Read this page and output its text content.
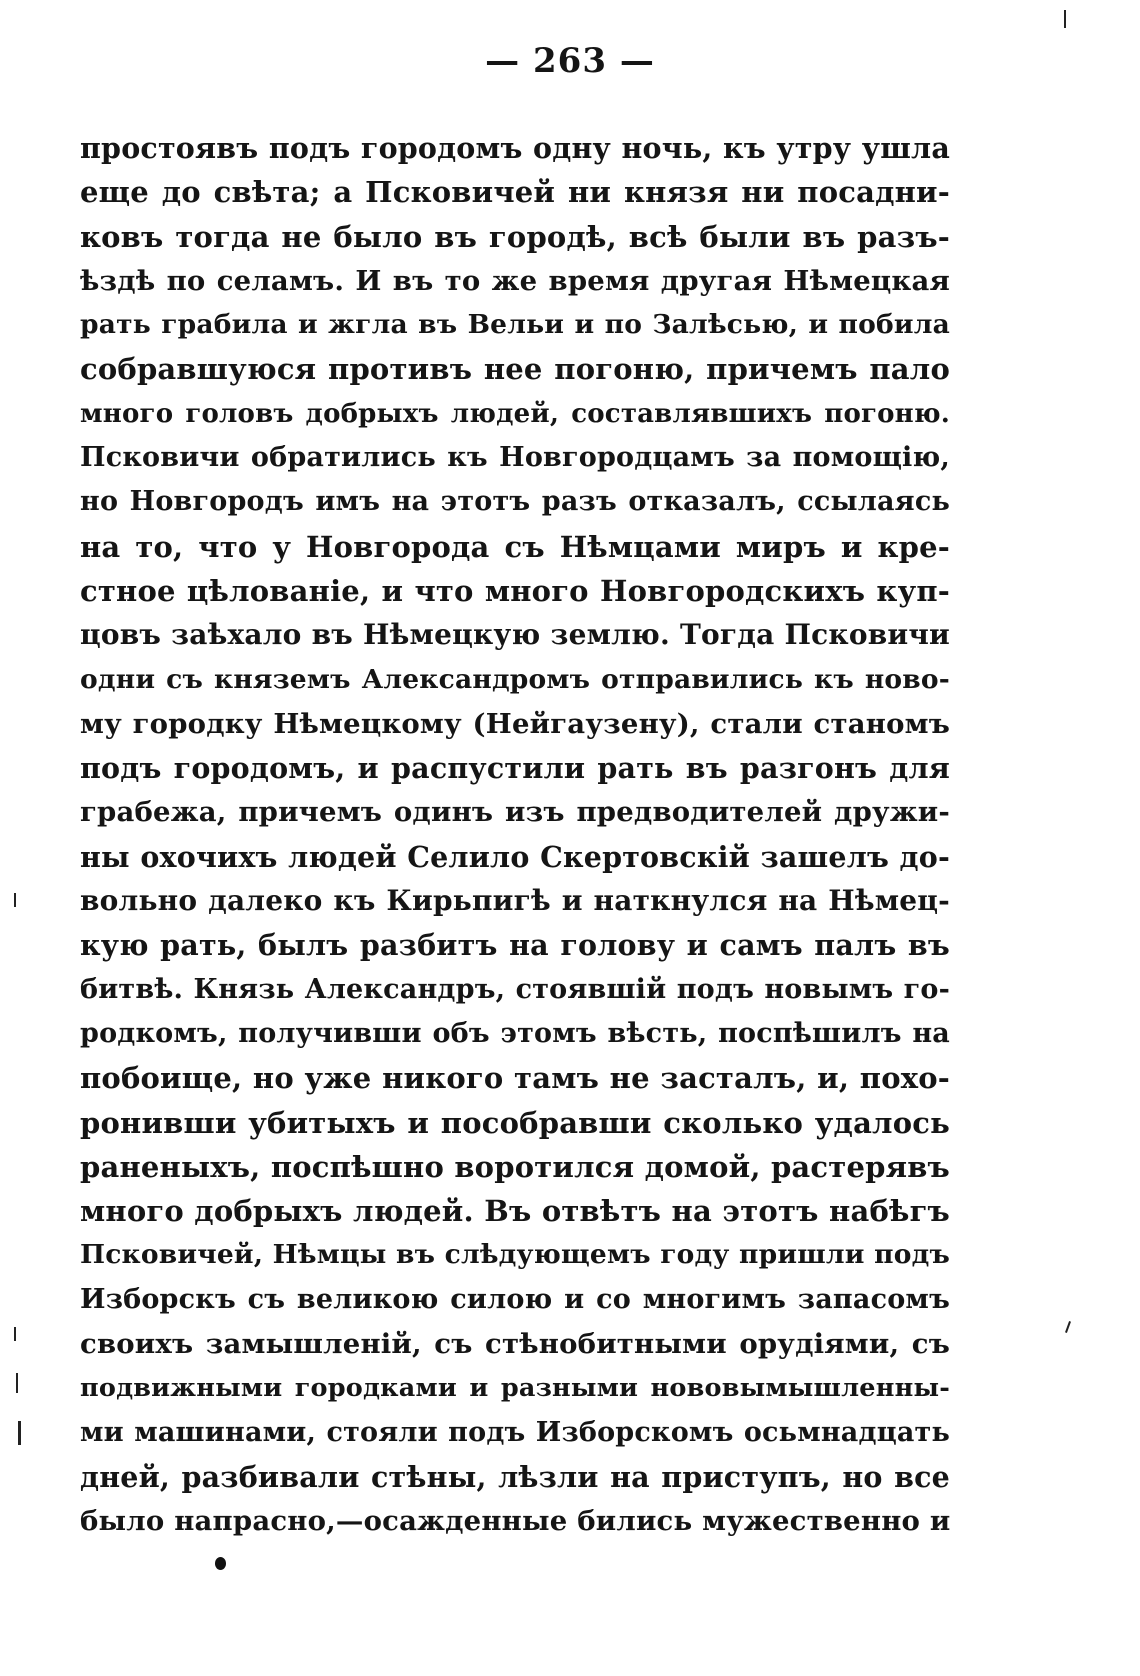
— 263 —
простоявъ подъ городомъ одну ночь, къ утру ушла
еще до свѣта; а Псковичей ни князя ни посадни-
ковъ тогда не было въ городѣ, всѣ были въ разъ-
ѣздѣ по селамъ. И въ то же время другая Нѣмецкая
рать грабила и жгла въ Вельи и по Залѣсью, и побила
собравшуюся противъ нее погоню, причемъ пало
много головъ добрыхъ людей, составлявшихъ погоню.
Псковичи обратились къ Новгородцамъ за помощію,
но Новгородъ имъ на этотъ разъ отказалъ, ссылаясь
на то, что у Новгорода съ Нѣмцами миръ и кре-
стное цѣлованіе, и что много Новгородскихъ куп-
цовъ заѣхало въ Нѣмецкую землю. Тогда Псковичи
одни съ княземъ Александромъ отправились къ ново-
му городку Нѣмецкому (Нейгаузену), стали станомъ
подъ городомъ, и распустили рать въ разгонъ для
грабежа, причемъ одинъ изъ предводителей дружи-
ны охочихъ людей Селило Скертовскій зашелъ до-
вольно далеко къ Кирьпигѣ и наткнулся на Нѣмец-
кую рать, былъ разбитъ на голову и самъ палъ въ
битвѣ. Князь Александръ, стоявшій подъ новымъ го-
родкомъ, получивши объ этомъ вѣсть, поспѣшилъ на
побоище, но уже никого тамъ не засталъ, и, похо-
ронивши убитыхъ и пособравши сколько удалось
раненыхъ, поспѣшно воротился домой, растерявъ
много добрыхъ людей. Въ отвѣтъ на этотъ набѣгъ
Псковичей, Нѣмцы въ слѣдующемъ году пришли подъ
Изборскъ съ великою силою и со многимъ запасомъ
своихъ замышленій, съ стѣнобитными орудіями, съ
подвижными городками и разными нововымышленны-
ми машинами, стояли подъ Изборскомъ осьмнадцать
дней, разбивали стѣны, лѣзли на приступъ, но все
было напрасно,—осажденные бились мужественно и
